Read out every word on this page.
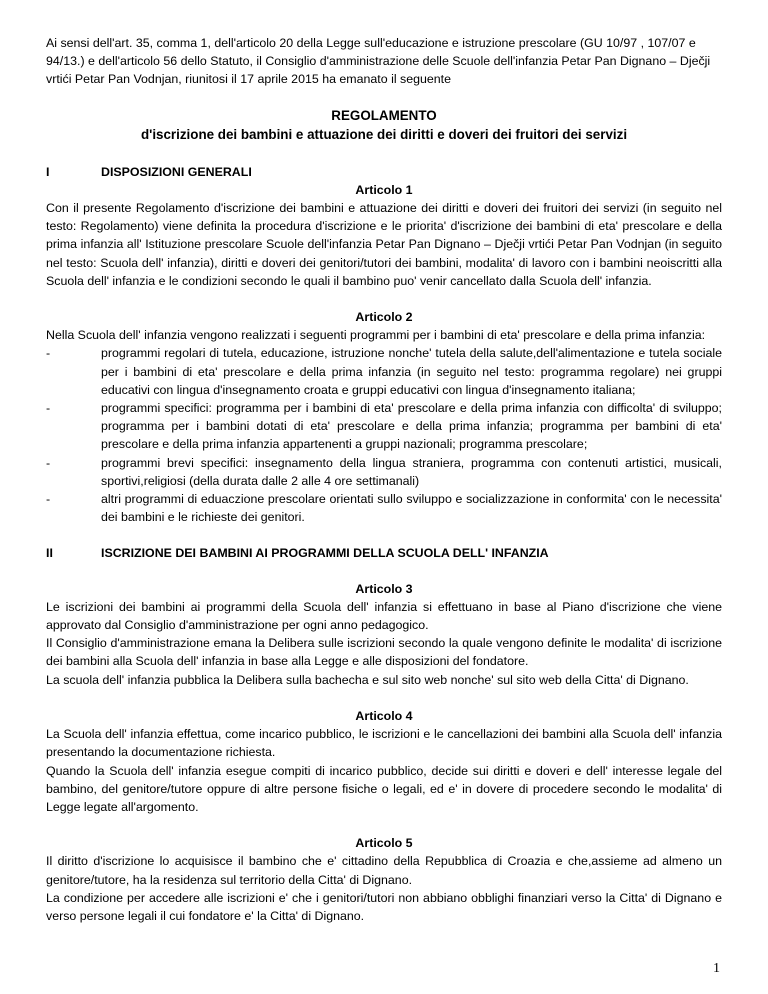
Ai sensi dell'art. 35, comma 1, dell'articolo 20 della Legge sull'educazione e istruzione prescolare (GU 10/97 , 107/07 e 94/13.) e dell'articolo 56 dello Statuto, il Consiglio d'amministrazione delle Scuole dell'infanzia Petar Pan Dignano – Dječji vrtići Petar Pan Vodnjan, riunitosi il 17 aprile 2015 ha emanato il seguente

REGOLAMENTO

d'iscrizione dei bambini e attuazione dei diritti e doveri dei fruitori dei servizi

I	DISPOSIZIONI GENERALI

Articolo 1

Con il presente Regolamento d'iscrizione dei bambini e attuazione dei diritti e doveri dei fruitori dei servizi (in seguito nel testo: Regolamento) viene definita la procedura d'iscrizione e le priorita' d'iscrizione dei bambini di eta' prescolare e della prima infanzia all' Istituzione prescolare Scuole dell'infanzia Petar Pan Dignano – Dječji vrtići Petar Pan Vodnjan (in seguito nel testo: Scuola dell' infanzia), diritti e doveri dei genitori/tutori dei bambini, modalita' di lavoro con i bambini neoiscritti alla Scuola dell' infanzia e le condizioni secondo le quali il bambino puo' venir cancellato dalla Scuola dell' infanzia.

Articolo 2

Nella Scuola dell' infanzia vengono realizzati i seguenti programmi per i bambini di eta' prescolare e della prima infanzia:

-	programmi regolari di tutela, educazione, istruzione nonche' tutela della salute,dell'alimentazione e tutela sociale per i bambini di eta' prescolare e della prima infanzia (in seguito nel testo: programma regolare) nei gruppi educativi con lingua d'insegnamento croata e gruppi educativi con lingua d'insegnamento italiana;
-	programmi specifici: programma per i bambini di eta' prescolare e della prima infanzia con difficolta' di sviluppo; programma per i bambini dotati di eta' prescolare e della prima infanzia; programma per bambini di eta' prescolare e della prima infanzia appartenenti a gruppi nazionali; programma prescolare;
-	programmi brevi specifici: insegnamento della lingua straniera, programma con contenuti artistici, musicali, sportivi,religiosi (della durata dalle 2 alle 4 ore settimanali)
-	altri programmi di eduaczione prescolare orientati sullo sviluppo e socializzazione in conformita' con le necessita' dei bambini e le richieste dei genitori.
II	ISCRIZIONE DEI BAMBINI AI PROGRAMMI DELLA SCUOLA DELL' INFANZIA

Articolo 3

Le iscrizioni dei bambini ai programmi della Scuola dell' infanzia si effettuano in base al Piano d'iscrizione che viene approvato dal Consiglio d'amministrazione per ogni anno pedagogico.

Il Consiglio d'amministrazione emana la Delibera sulle iscrizioni secondo la quale vengono definite le modalita' di iscrizione dei bambini alla Scuola dell' infanzia in base alla Legge e alle disposizioni del fondatore.

La scuola dell' infanzia pubblica la Delibera sulla bachecha e sul sito web nonche' sul sito web della Citta' di Dignano.

Articolo 4

La Scuola dell' infanzia effettua, come incarico pubblico, le iscrizioni e le cancellazioni dei bambini alla Scuola dell' infanzia presentando la documentazione richiesta.

Quando la Scuola dell' infanzia esegue compiti di incarico pubblico, decide sui diritti e doveri e dell' interesse legale del bambino, del genitore/tutore oppure di altre persone fisiche o legali, ed e' in dovere di procedere secondo le modalita' di Legge legate all'argomento.

Articolo 5

Il diritto d'iscrizione lo acquisisce il bambino che e' cittadino della Repubblica di Croazia e che,assieme ad almeno un genitore/tutore, ha la residenza sul territorio della Citta' di Dignano.

La condizione per accedere alle iscrizioni e' che i genitori/tutori non abbiano obblighi finanziari verso la Citta' di Dignano e verso persone legali il cui fondatore e' la Citta' di Dignano.

1
